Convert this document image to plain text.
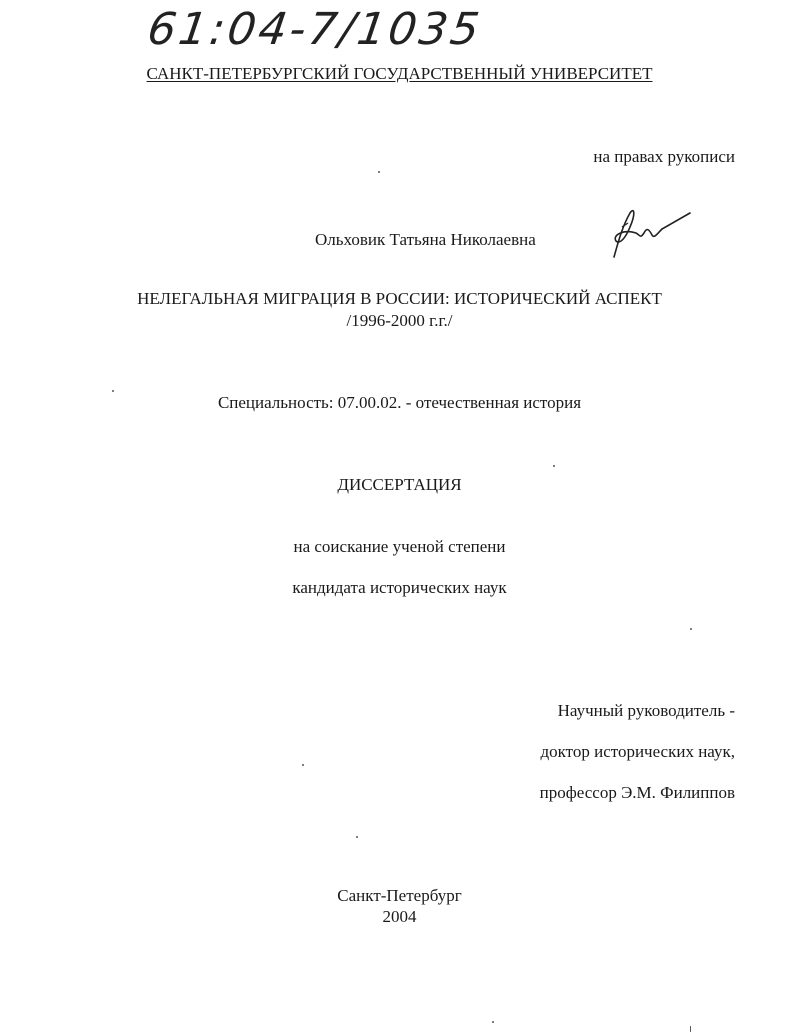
61:04-7/1035
САНКТ-ПЕТЕРБУРГСКИЙ ГОСУДАРСТВЕННЫЙ УНИВЕРСИТЕТ
на правах рукописи
Ольховик Татьяна Николаевна
НЕЛЕГАЛЬНАЯ МИГРАЦИЯ В РОССИИ: ИСТОРИЧЕСКИЙ АСПЕКТ
/1996-2000 г.г./
Специальность: 07.00.02. - отечественная история
ДИССЕРТАЦИЯ
на соискание ученой степени
кандидата исторических наук
Научный руководитель -
доктор исторических наук,
профессор Э.М. Филиппов
Санкт-Петербург
2004
